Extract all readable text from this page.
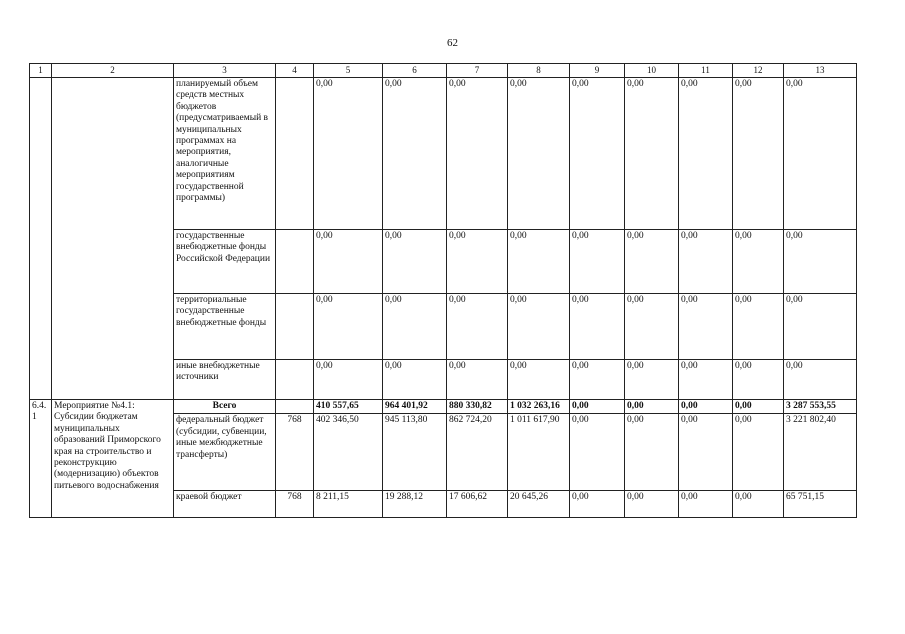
62
1	2	3	4	5	6	7	8	9	10	11	12	13
		планируемый объем средств местных бюджетов (предусматриваемый в муниципальных программах на мероприятия, аналогичные мероприятиям государственной программы)		0,00	0,00	0,00	0,00	0,00	0,00	0,00	0,00	0,00
		государственные внебюджетные фонды Российской Федерации		0,00	0,00	0,00	0,00	0,00	0,00	0,00	0,00	0,00
		территориальные государственные внебюджетные фонды		0,00	0,00	0,00	0,00	0,00	0,00	0,00	0,00	0,00
		иные внебюджетные источники		0,00	0,00	0,00	0,00	0,00	0,00	0,00	0,00	0,00
6.4.1	Мероприятие №4.1: Субсидии бюджетам муниципальных образований Приморского края на строительство и реконструкцию (модернизацию) объектов питьевого водоснабжения	Всего		410 557,65	964 401,92	880 330,82	1 032 263,16	0,00	0,00	0,00	0,00	3 287 553,55
		федеральный бюджет (субсидии, субвенции, иные межбюджетные трансферты)	768	402 346,50	945 113,80	862 724,20	1 011 617,90	0,00	0,00	0,00	0,00	3 221 802,40
		краевой бюджет	768	8 211,15	19 288,12	17 606,62	20 645,26	0,00	0,00	0,00	0,00	65 751,15
